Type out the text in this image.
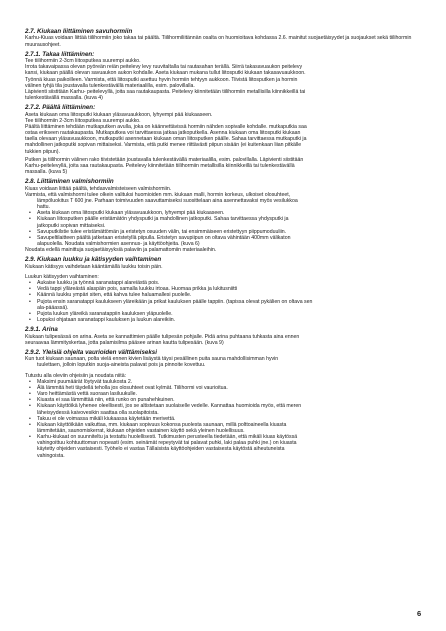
2.7. Kiukaan liittäminen savuhormiin

Karhu-Kiuas voidaan liittää tiilihormiin joko takaa tai päältä. Tiilihormiliitännän osalta on huomioitava kohdassa 2.6. mainitut suojaetäisyydet ja suojaukset sekä tiilihormin muurausohjeet.

2.7.1. Takaa liittäminen:

Tee tiilihormiin 2-3cm liitosputkea suurempi aukko.

Irrota takavaipassa olevan pyöreän reiän peitelevy levy ruuvitaltalla tai rautasahan terällä. Siirrä takasavuaukon peitelevy

kansi, kiukaan päällä olevan savuaukon aukon kohdalle. Aseta kiukaan mukana tullut liitosputki kiukaan takasavuaukkoon.

Työnnä kiuas paikoilleen. Varmista, että liitosputki asettuu hyvin hormiin tehtyyn aukkoon. Tiivistä liitosputken ja hormin

välinen tyhjä tila joustavalla tulenkestävällä materiaalilla, esim. palovillalla.

Läpivienti siistitään Karhu- peitelevyllä, joita saa rautakaupasta. Peitelevy kiinnitetään tiilihormiin metallisilla kiinnikkeillä tai

tulenkestävällä massalla. (kuva 4)

2.7.2. Päältä liittäminen:

Aseta kiukaan oma liitosputki kiukaan yläsavuaukkoon, lyhyempi pää kiukaaseen.

Tee tiilihormiin 2-3cm liitosputkea suurempi aukko.

Päältä liittäminen tehdään mutkaputken avulla, joka on käännettävissä hormiin nähden sopivalle kohdalle. mutkaputkia saa

ostaa erikseen rautakaupasta. Mutkaputkea voi tarvittaessa jatkaa jatkoputkella. Asenna kiukaan oma liitosputki kiukaan

taella olevaan yläsavuaukkoon, mutkaputki asennetaan kiukaan oman liitosputken päälle. Sahaa tarvittaessa mutkaputki ja

mahdollinen jatkoputki sopivan mittaiseksi. Varmista, että putki menee riittävästi piipun sisään (ei kuitenkaan liian pitkälle

tukkien piipun).

Putken ja tiilihormin välinen rako tiivistetään joustavalla tulenkestävällä materiaalilla, esim. palovillalla. Läpivienti siistitään

Karhu-peitelevyllä, joita saa rautakaupasta. Peitelevy kiinnitetään tiilihormiin metallisilla kiinnikkeillä tai tulenkestävällä

massalla. (kuva 5)

2.8. Liittäminen valmishormiin

Kiuas voidaan liittää päältä, tehdasvalmisteiseen valmishormiin.

Varmista, että valmishormi tulee olkein valituksi huomioiden mm. kiukaan malli, hormin korkeus, ulkoiset olosuhteet,

lämpöluokitus T 600 jne. Parhaan toimivuuden saavuttamiseksi suosittelaan aina asennettavaksi myös vesilukkoa

hattu.

• Aseta kiukaan oma liitosputki kiukaan yläsavuaukkoon, lyhyempi pää kiukaaseen.
• Kiukaan liitosputken päälle eristämätön yhdysputki ja mahdollinen jatkoputki. Sahaa tarvittaessa yhdysputki ja
jatkoputki sopivan mittaiseksi.
• Savuputkilstie tulee eristämättömän ja eristetyn osuuden välin, tai ensimmäiseen eristettyyn piippumoduuliin.
• Savupeltilaitteen päältä jatketaan eristetyllä piipulla. Eristetyn savupiipun on oltava vähintään 400mm välikaton
alapuolella. Noudata valmishormien asennus- ja käyttöohjeita. (kuva 6)

Noudata edellä mainittuja suojaetäisyyksiä palaviin ja palamattomiin materiaaleihin.

2.9. Kiukaan luukku ja kätisyyden vaihtaminen

Kiukaan kätisyys vaihdetaan kääntämällä luukku toisin päin.

Luukun kätisyyden vaihtaminen:

• Aukaise luukku ja työnnä saranatappi alareiästä pois.
• Vedä tappi ylläreästä alaspäin pois, samalla luukku irtoaa. Huomaa prikka ja lukitusniitti
• Käännä luukku ympäri siten, että kahva tulee haluamallesi puolelle.
• Pujota ensin saranatappi kaulukseen yläreikään ja prikat kauluksen päälle tappiin. (tapissa olevat pykälien on oltava sen
ala-pääassä).
• Pujota luukun yläreikä saranatappiin kauluksen yläpuolelle.
• Lopuksi ohjataan saranatappi kauluksen ja luukun alareikiin.
2.9.1. Arina

Kiukaan tulipesässä on arina. Aseta se kannattimien päälle tulipesän pohjalle. Pidä arina puhtaana tuhkasta aina ennen

seuraavaa lämmityskertaa, jotta palamisilma pääsee arinan kautta tulipesään. (kuva 9)

2.9.2. Yleisiä ohjeita vaurioiden välttämiseksi

Kun tuot kiukaan saunaan, polta vielä ennen kivien lisäystä täysi pesällinen puita sauna mahdollisimman hyvin

tuulettaen, jolloin loputkin suoja-aineista palavat pois ja pinnoite kovettuu.

Tutustu alla oleviin ohjeisiin ja noudata niitä:

• Maksimi puumäärät löytyvät taulukosta 2.
• Älä lämmitä heti täydellä teholla jos olosuhteet ovat kylmät. Tiilihormi voi vaurioitua.
• Varo heittämästä vettä suoraan lasiluukulle.
• Kiuasta ei saa lämmittää niin, että runko on punahehkuinen.
• Kiukaan käyttöikä lyhenee oleellisesti, jos se altistetaan suolaiselle vedelle. Kannattaa huomioida myös, että meren
läheisyydessä kaivovesikin saattaa olla suolapitoista.
• Takuu ei ole voimassa mikäli kiukaassa käytetään merivettä.
• Kiukaan käyttöikään vaikuttaa, mm. kiukaan sopivuus kokonsa puolesta saunaan, millä polttoaineella kiuasta
lämmitetään, saunomiskerrat, kiukaan ohjeiden vastainen käyttö sekä yleinen huolellisuus.
• Karhu-kiukaat on suunniteltu ja testattu huolellisesti. Tutkimusten perusteella tiedetään, että mikäli kiuas käytössä
vahingoittuu kohtuuttoman nopeasti (esim. seinämät repeytyvät tai palavat puhki, laki palaa puhki jne.) on kiuasta
käytetty ohjeiden vastaisesti. Työhelo ei vastaa Tällaisista käyttöohjeiden vastaisesta käytöstä aiheutuneista
vahingoista.
6
